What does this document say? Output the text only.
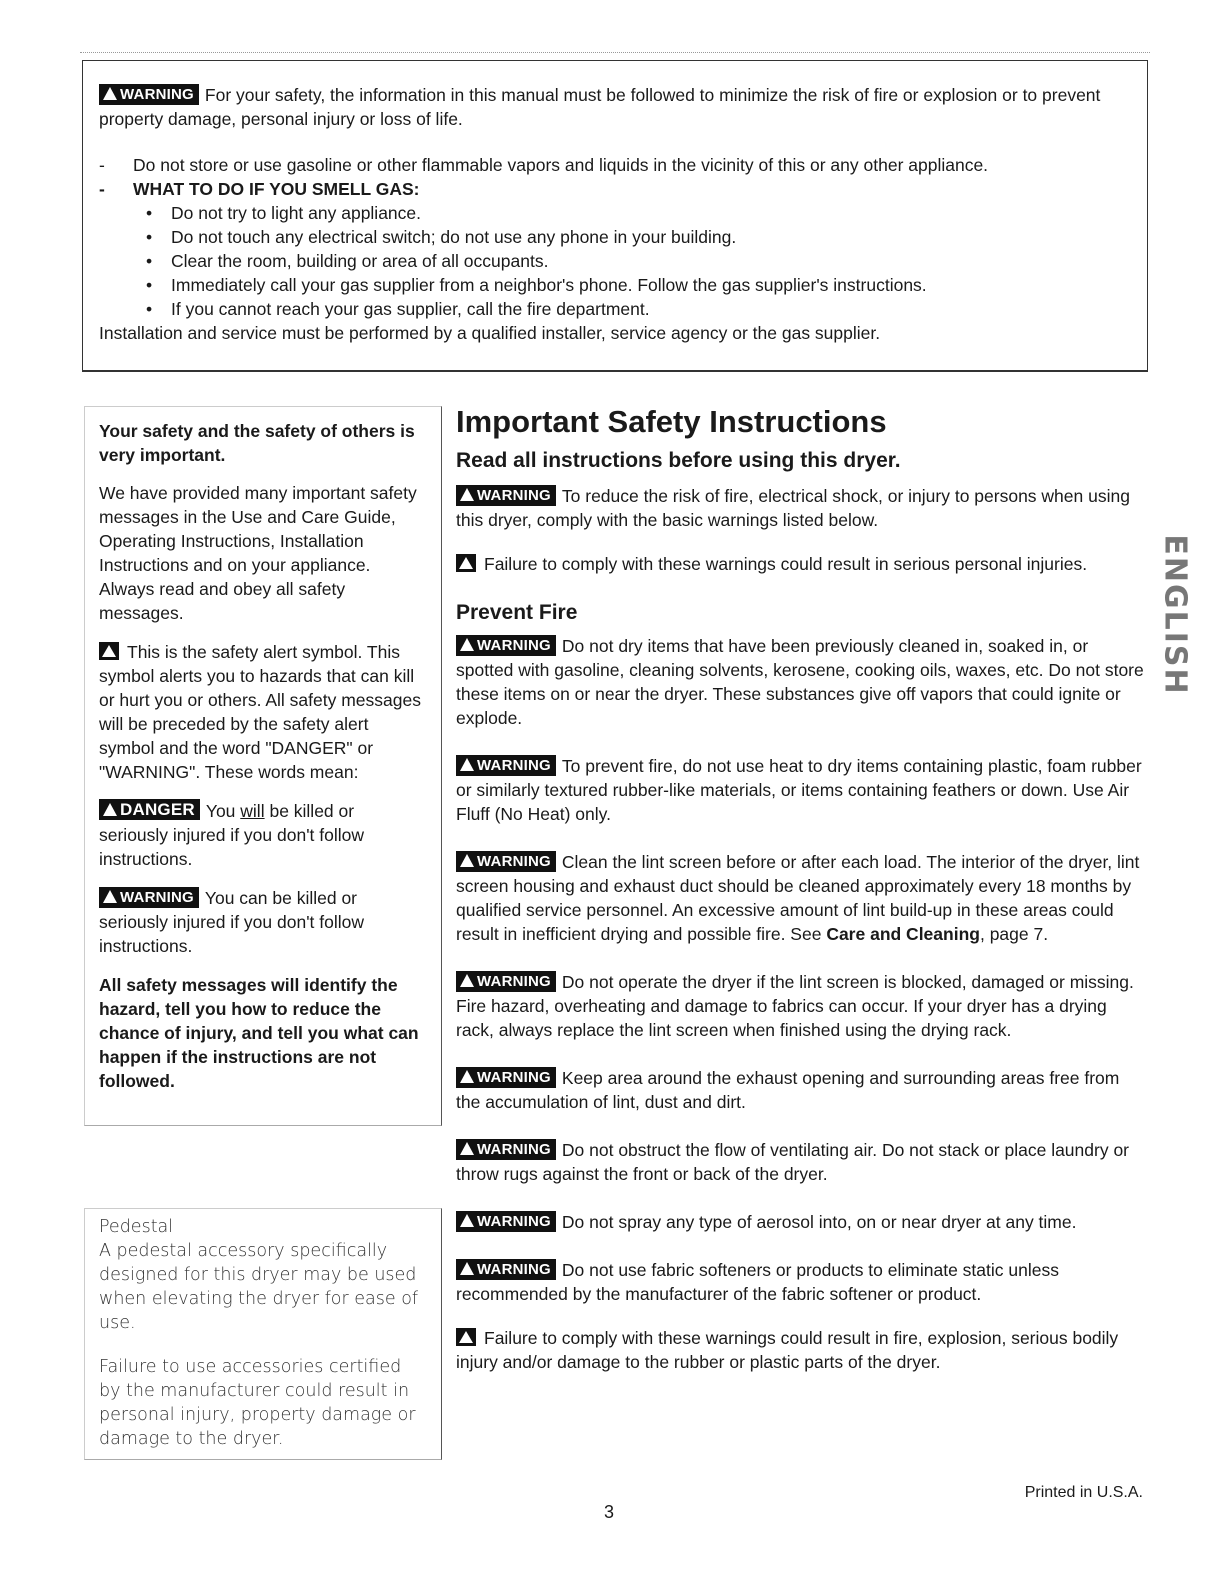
WARNING For your safety, the information in this manual must be followed to minimize the risk of fire or explosion or to prevent property damage, personal injury or loss of life.

-	Do not store or use gasoline or other flammable vapors and liquids in the vicinity of this or any other appliance.
-	WHAT TO DO IF YOU SMELL GAS:
• Do not try to light any appliance.
• Do not touch any electrical switch; do not use any phone in your building.
• Clear the room, building or area of all occupants.
• Immediately call your gas supplier from a neighbor's phone. Follow the gas supplier's instructions.
• If you cannot reach your gas supplier, call the fire department.
Installation and service must be performed by a qualified installer, service agency or the gas supplier.

Your safety and the safety of others is very important.

We have provided many important safety messages in the Use and Care Guide, Operating Instructions, Installation Instructions and on your appliance. Always read and obey all safety messages.

This is the safety alert symbol. This symbol alerts you to hazards that can kill or hurt you or others. All safety messages will be preceded by the safety alert symbol and the word "DANGER" or "WARNING". These words mean:

DANGER You will be killed or seriously injured if you don't follow instructions.

WARNING You can be killed or seriously injured if you don't follow instructions.

All safety messages will identify the hazard, tell you how to reduce the chance of injury, and tell you what can happen if the instructions are not followed.

Pedestal

A pedestal accessory specifically designed for this dryer may be used when elevating the dryer for ease of use.

Failure to use accessories certified by the manufacturer could result in personal injury, property damage or damage to the dryer.

Important Safety Instructions
Read all instructions before using this dryer.

WARNING To reduce the risk of fire, electrical shock, or injury to persons when using this dryer, comply with the basic warnings listed below.

Failure to comply with these warnings could result in serious personal injuries.

Prevent Fire

WARNING Do not dry items that have been previously cleaned in, soaked in, or spotted with gasoline, cleaning solvents, kerosene, cooking oils, waxes, etc. Do not store these items on or near the dryer. These substances give off vapors that could ignite or explode.

WARNING To prevent fire, do not use heat to dry items containing plastic, foam rubber or similarly textured rubber-like materials, or items containing feathers or down. Use Air Fluff (No Heat) only.

WARNING Clean the lint screen before or after each load. The interior of the dryer, lint screen housing and exhaust duct should be cleaned approximately every 18 months by qualified service personnel. An excessive amount of lint build-up in these areas could result in inefficient drying and possible fire. See Care and Cleaning, page 7.

WARNING Do not operate the dryer if the lint screen is blocked, damaged or missing. Fire hazard, overheating and damage to fabrics can occur. If your dryer has a drying rack, always replace the lint screen when finished using the drying rack.

WARNING Keep area around the exhaust opening and surrounding areas free from the accumulation of lint, dust and dirt.

WARNING Do not obstruct the flow of ventilating air. Do not stack or place laundry or throw rugs against the front or back of the dryer.

WARNING Do not spray any type of aerosol into, on or near dryer at any time.

WARNING Do not use fabric softeners or products to eliminate static unless recommended by the manufacturer of the fabric softener or product.

Failure to comply with these warnings could result in fire, explosion, serious bodily injury and/or damage to the rubber or plastic parts of the dryer.

ENGLISH
Printed in U.S.A.
3
